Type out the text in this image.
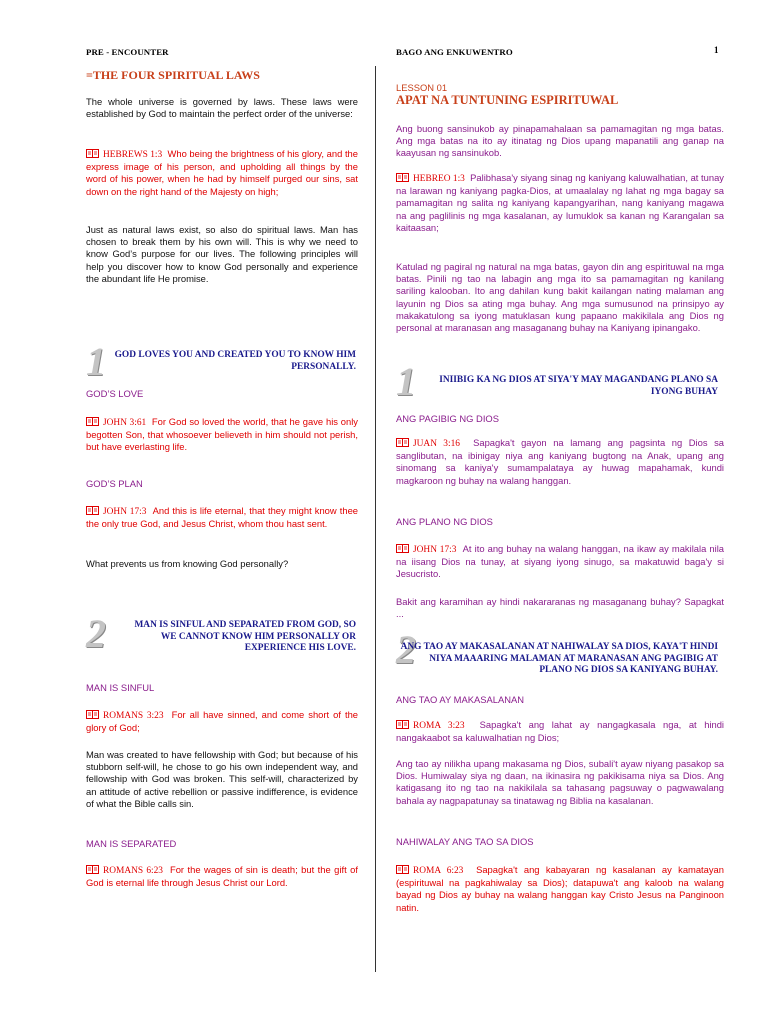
PRE - ENCOUNTER
=THE FOUR SPIRITUAL LAWS

The whole universe is governed by laws. These laws were established by God to maintain the perfect order of the universe:

HEBREWS 1:3 Who being the brightness of his glory, and the express image of his person, and upholding all things by the word of his power, when he had by himself purged our sins, sat down on the right hand of the Majesty on high;

Just as natural laws exist, so also do spiritual laws. Man has chosen to break them by his own will. This is why we need to know God’s purpose for our lives. The following principles will help you discover how to know God personally and experience the abundant life He promise.

1 GOD LOVES YOU AND CREATED YOU TO KNOW HIM PERSONALLY.
GOD’S LOVE

JOHN 3:61 For God so loved the world, that he gave his only begotten Son, that whosoever believeth in him should not perish, but have everlasting life.

GOD’S PLAN

JOHN 17:3 And this is life eternal, that they might know thee the only true God, and Jesus Christ, whom thou hast sent.

What prevents us from knowing God personally?

2	MAN IS SINFUL AND SEPARATED FROM GOD, SO WE CANNOT KNOW HIM PERSONALLY OR EXPERIENCE HIS LOVE.
MAN IS SINFUL

ROMANS 3:23 For all have sinned, and come short of the glory of God;

Man was created to have fellowship with God; but because of his stubborn self-will, he chose to go his own independent way, and fellowship with God was broken. This self-will, characterized by an attitude of active rebellion or passive indifference, is evidence of what the Bible calls sin.

MAN IS SEPARATED

ROMANS 6:23 For the wages of sin is death; but the gift of God is eternal life through Jesus Christ our Lord.

BAGO ANG ENKUWENTRO	1
LESSON 01
APAT NA TUNTUNING ESPIRITUWAL

Ang buong sansinukob ay pinapamahalaan sa pamamagitan ng mga batas. Ang mga batas na ito ay itinatag ng Dios upang mapanatili ang ganap na kaayusan ng sansinukob.

HEBREO 1:3 Palibhasa'y siyang sinag ng kaniyang kaluwalhatian, at tunay na larawan ng kaniyang pagka-Dios, at umaalalay ng lahat ng mga bagay sa pamamagitan ng salita ng kaniyang kapangyarihan, nang kaniyang magawa na ang paglilinis ng mga kasalanan, ay lumuklok sa kanan ng Karangalan sa kaitaasan;

Katulad ng pagiral ng natural na mga batas, gayon din ang espirituwal na mga batas. Pinili ng tao na labagin ang mga ito sa pamamagitan ng kanilang sariling kalooban. Ito ang dahilan kung bakit kailangan nating malaman ang layunin ng Dios sa ating mga buhay. Ang mga sumusunod na prinsipyo ay makakatulong sa iyong matuklasan kung papaano makikilala ang Dios ng personal at maranasan ang masaganang buhay na Kaniyang ipinangako.

1	INIIBIG KA NG DIOS AT SIYA'Y MAY MAGANDANG PLANO SA IYONG BUHAY
ANG PAGIBIG NG DIOS

JUAN 3:16 Sapagka't gayon na lamang ang pagsinta ng Dios sa sanglibutan, na ibinigay niya ang kaniyang bugtong na Anak, upang ang sinomang sa kaniya'y sumampalataya ay huwag mapahamak, kundi magkaroon ng buhay na walang hanggan.

ANG PLANO NG DIOS

JOHN 17:3 At ito ang buhay na walang hanggan, na ikaw ay makilala nila na iisang Dios na tunay, at siyang iyong sinugo, sa makatuwid baga'y si Jesucristo.

Bakit ang karamihan ay hindi nakararanas ng masaganang buhay? Sapagkat ...

2
ANG TAO AY MAKASALANAN AT NAHIWALAY SA DIOS, KAYA'T HINDI NIYA MAAARING MALAMAN AT MARANASAN ANG PAGIBIG AT PLANO NG DIOS SA KANIYANG BUHAY.
ANG TAO AY MAKASALANAN

ROMA 3:23 Sapagka't ang lahat ay nangagkasala nga, at hindi nangakaabot sa kaluwalhatian ng Dios;

Ang tao ay nilikha upang makasama ng Dios, subali't ayaw niyang pasakop sa Dios. Humiwalay siya ng daan, na ikinasira ng pakikisama niya sa Dios. Ang katigasang ito ng tao na nakikilala sa tahasang pagsuway o pagwawalang bahala ay nagpapatunay sa tinatawag ng Biblia na kasalanan.

NAHIWALAY ANG TAO SA DIOS

ROMA 6:23 Sapagka't ang kabayaran ng kasalanan ay kamatayan (espirituwal na pagkahiwalay sa Dios); datapuwa't ang kaloob na walang bayad ng Dios ay buhay na walang hanggan kay Cristo Jesus na Panginoon natin.
